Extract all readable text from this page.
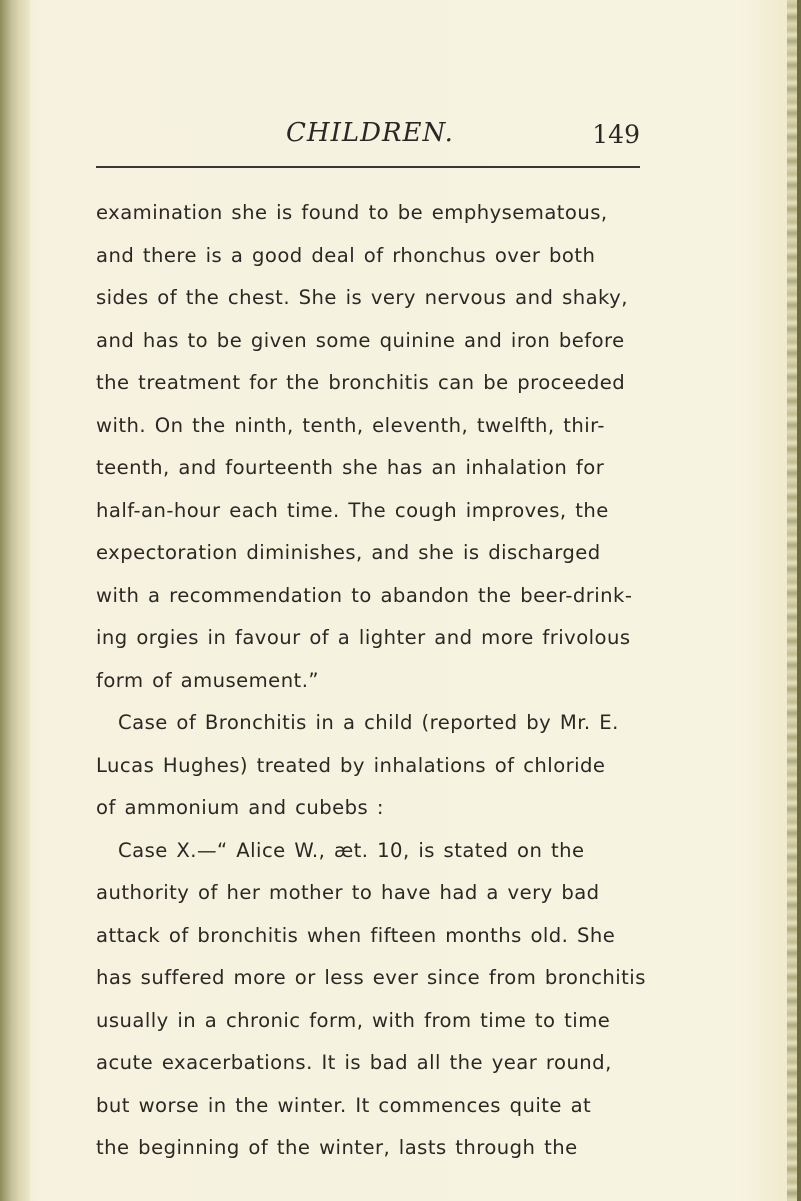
CHILDREN.	149
examination she is found to be emphysematous,
and there is a good deal of rhonchus over both
sides of the chest. She is very nervous and shaky,
and has to be given some quinine and iron before
the treatment for the bronchitis can be proceeded
with. On the ninth, tenth, eleventh, twelfth, thir-
teenth, and fourteenth she has an inhalation for
half-an-hour each time. The cough improves, the
expectoration diminishes, and she is discharged
with a recommendation to abandon the beer-drink-
ing orgies in favour of a lighter and more frivolous
form of amusement.”
Case of Bronchitis in a child (reported by Mr. E.
Lucas Hughes) treated by inhalations of chloride
of ammonium and cubebs :
Case X.—“ Alice W., æt. 10, is stated on the
authority of her mother to have had a very bad
attack of bronchitis when fifteen months old. She
has suffered more or less ever since from bronchitis
usually in a chronic form, with from time to time
acute exacerbations. It is bad all the year round,
but worse in the winter. It commences quite at
the beginning of the winter, lasts through the
